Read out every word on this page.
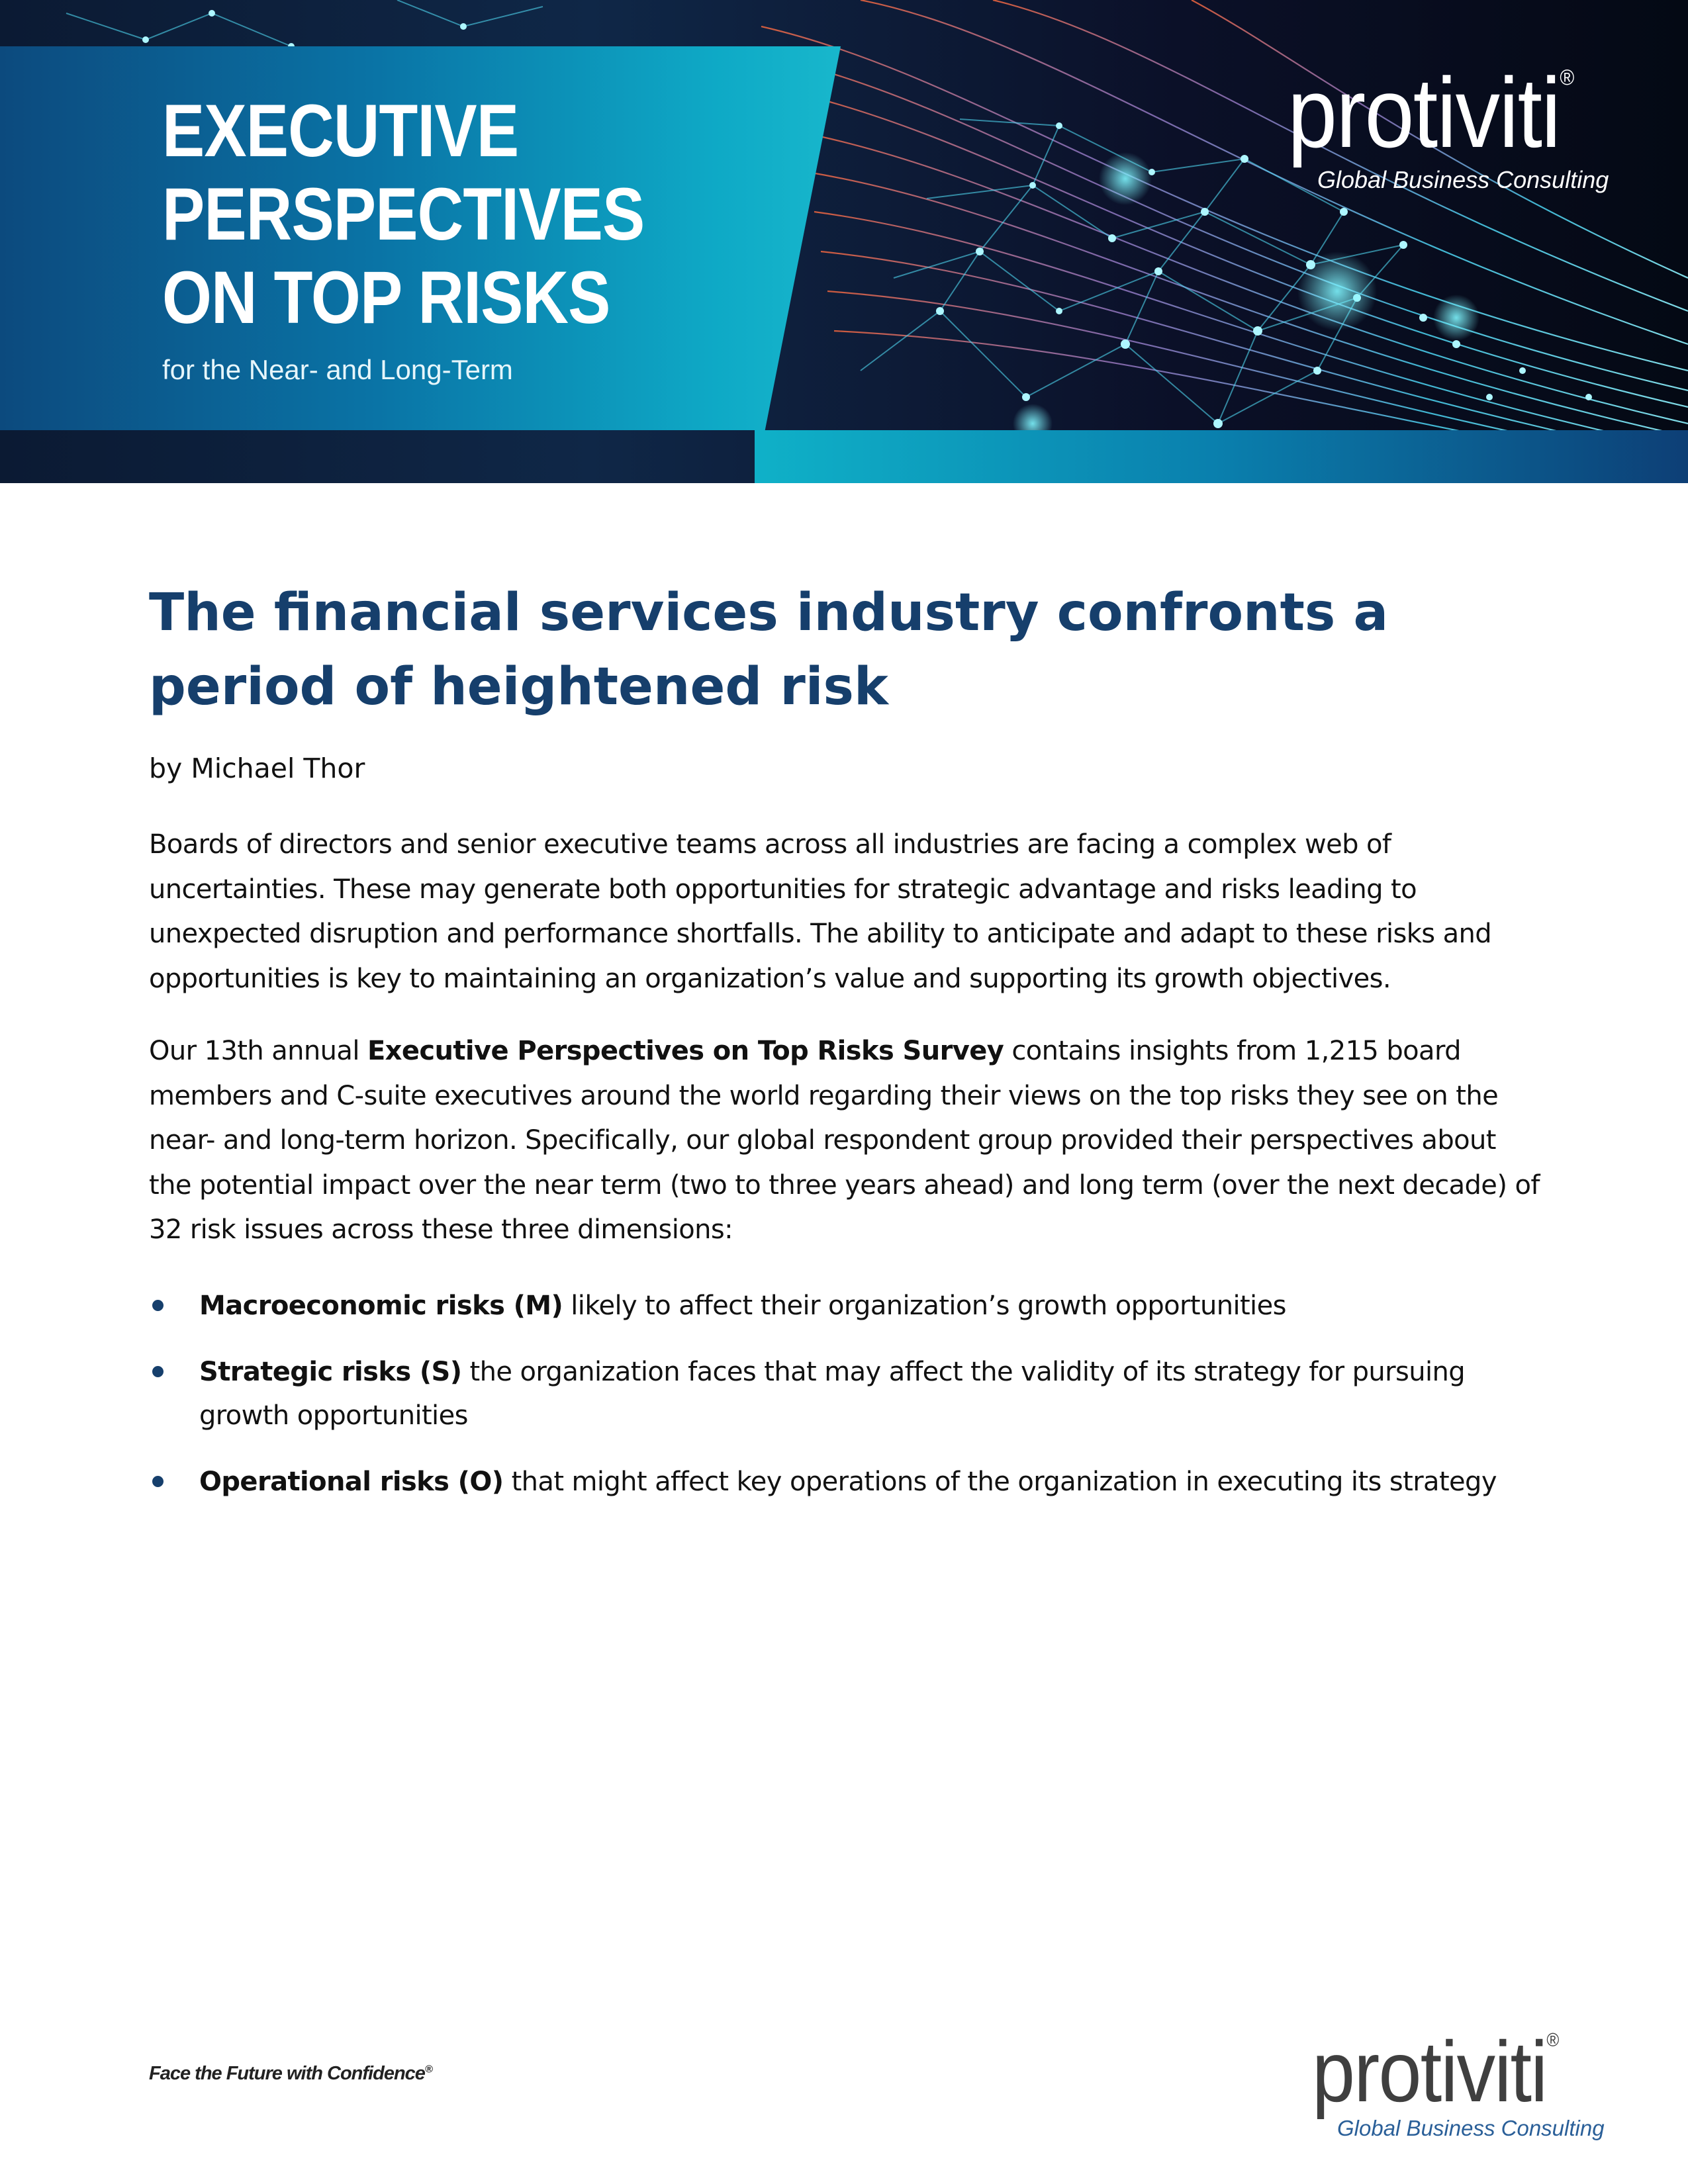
EXECUTIVE
PERSPECTIVES
ON TOP RISKS
for the Near- and Long-Term
protiviti®
Global Business Consulting
The financial services industry confronts a period of heightened risk
by Michael Thor

Boards of directors and senior executive teams across all industries are facing a complex web of uncertainties. These may generate both opportunities for strategic advantage and risks leading to unexpected disruption and performance shortfalls. The ability to anticipate and adapt to these risks and opportunities is key to maintaining an organization’s value and supporting its growth objectives.

Our 13th annual Executive Perspectives on Top Risks Survey contains insights from 1,215 board members and C-suite executives around the world regarding their views on the top risks they see on the near- and long-term horizon. Specifically, our global respondent group provided their perspectives about the potential impact over the near term (two to three years ahead) and long term (over the next decade) of 32 risk issues across these three dimensions:

Macroeconomic risks (M) likely to affect their organization’s growth opportunities
Strategic risks (S) the organization faces that may affect the validity of its strategy for pursuing growth opportunities
Operational risks (O) that might affect key operations of the organization in executing its strategy
Face the Future with Confidence®	protiviti®
Global Business Consulting
